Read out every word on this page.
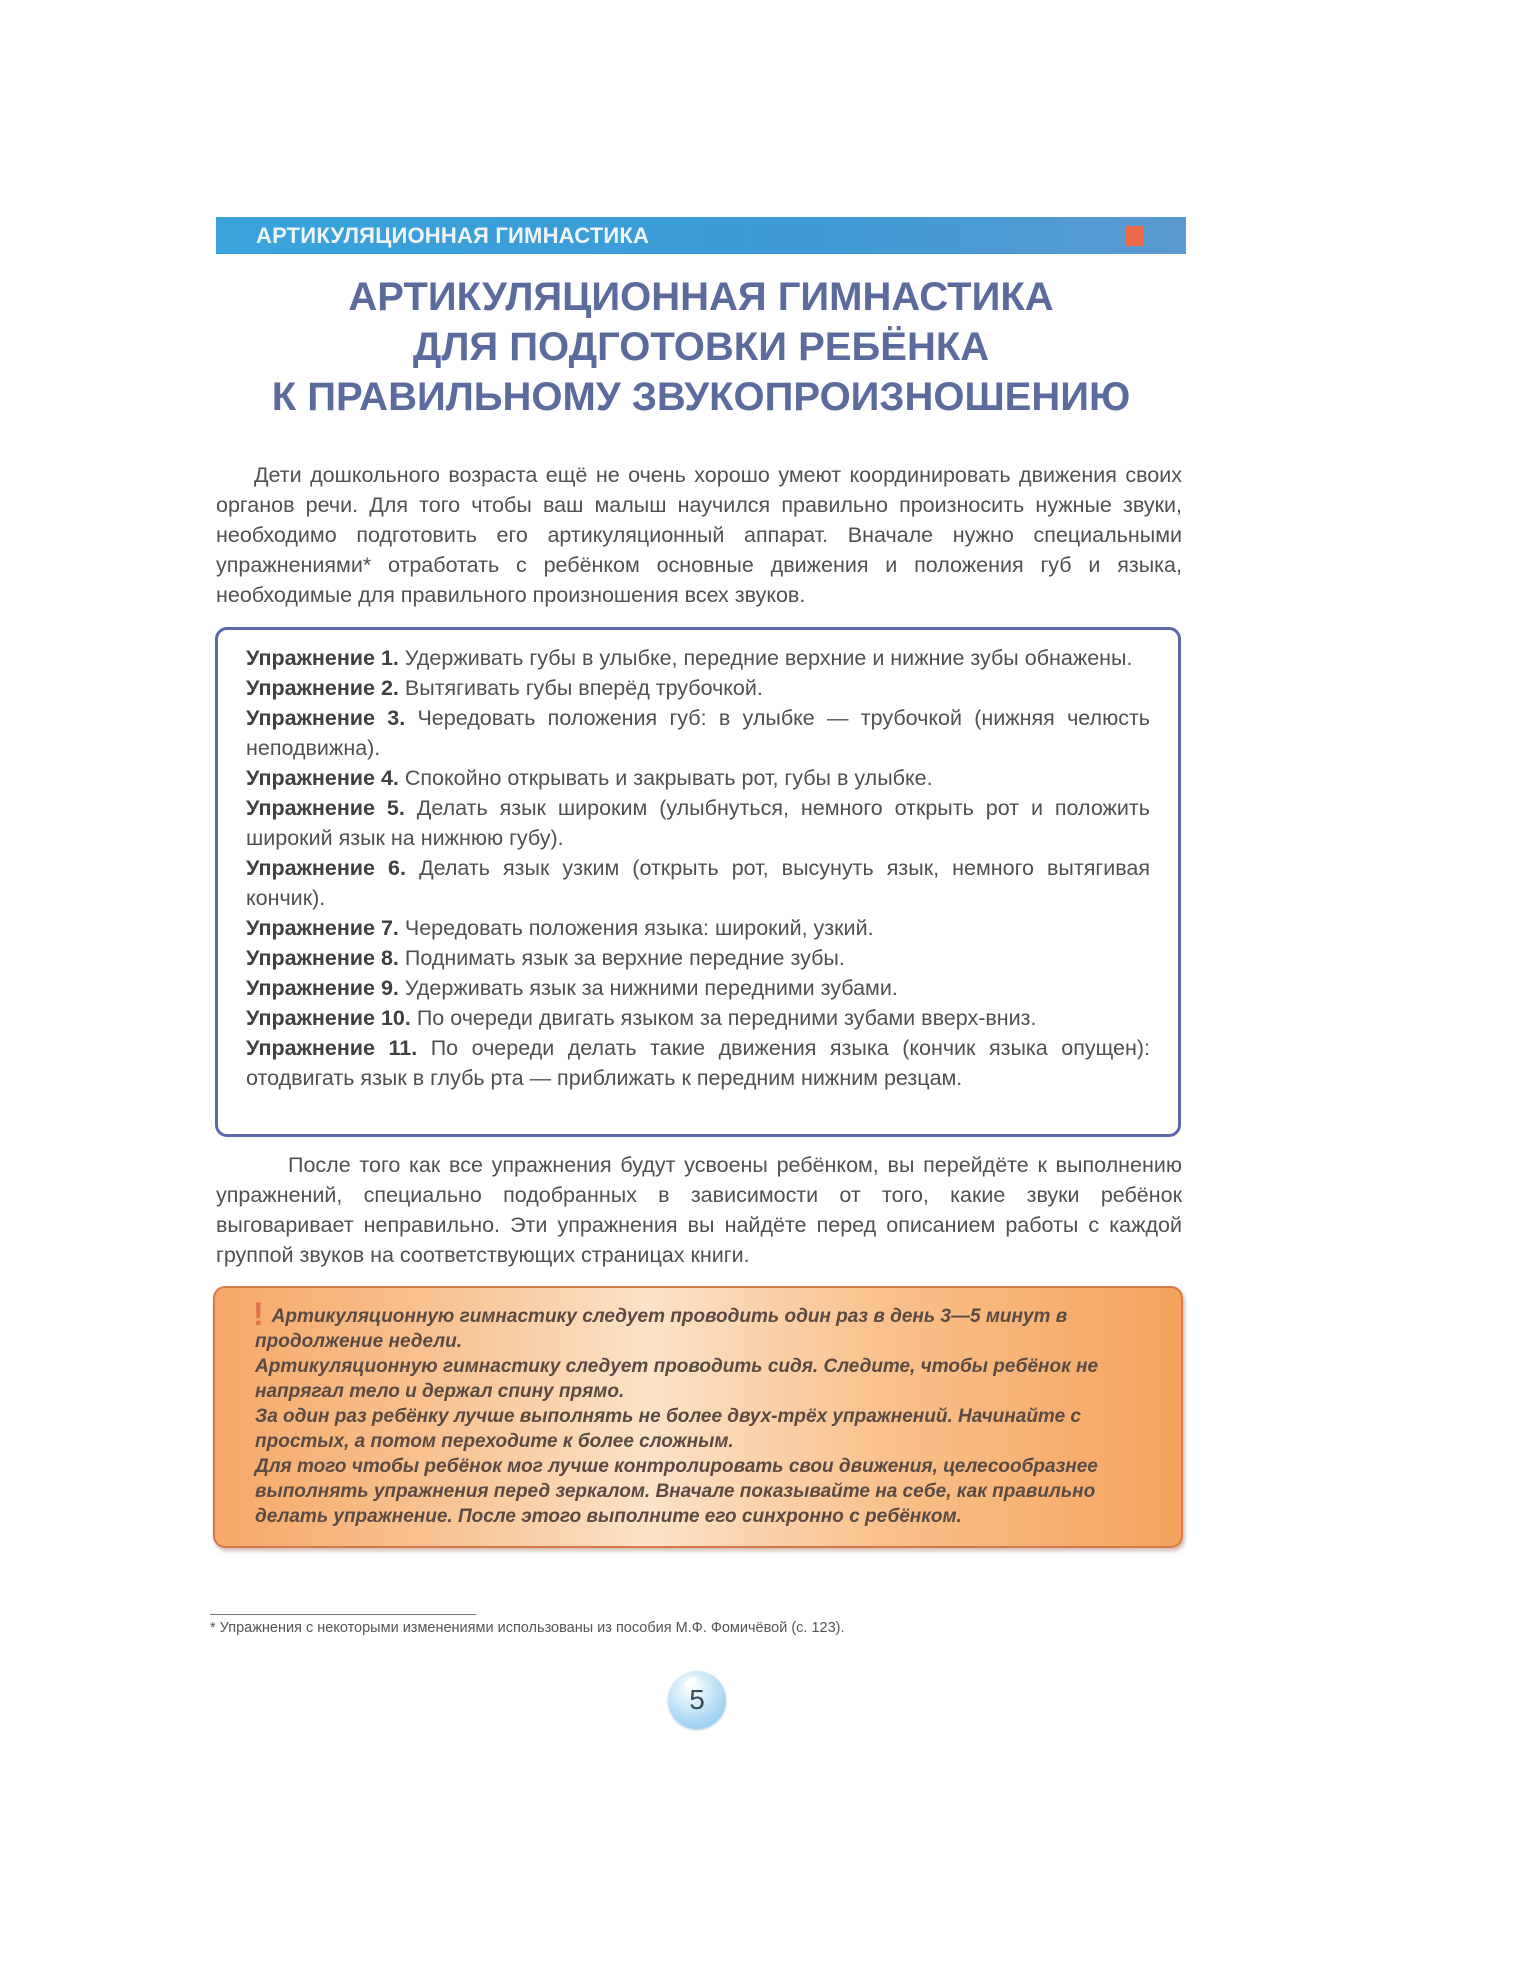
АРТИКУЛЯЦИОННАЯ ГИМНАСТИКА
АРТИКУЛЯЦИОННАЯ ГИМНАСТИКА
ДЛЯ ПОДГОТОВКИ РЕБЁНКА
К ПРАВИЛЬНОМУ ЗВУКОПРОИЗНОШЕНИЮ

Дети дошкольного возраста ещё не очень хорошо умеют координировать движения своих органов речи. Для того чтобы ваш малыш научился правильно произносить нужные звуки, необходимо подготовить его артикуляционный аппарат. Вначале нужно специальными упражнениями* отработать с ребёнком основные движения и положения губ и языка, необходимые для правильного произношения всех звуков.

Упражнение 1. Удерживать губы в улыбке, передние верхние и нижние зубы обнажены.
Упражнение 2. Вытягивать губы вперёд трубочкой.
Упражнение 3. Чередовать положения губ: в улыбке — трубочкой (нижняя челюсть неподвижна).
Упражнение 4. Спокойно открывать и закрывать рот, губы в улыбке.
Упражнение 5. Делать язык широким (улыбнуться, немного открыть рот и положить широкий язык на нижнюю губу).
Упражнение 6. Делать язык узким (открыть рот, высунуть язык, немного вытягивая кончик).
Упражнение 7. Чередовать положения языка: широкий, узкий.
Упражнение 8. Поднимать язык за верхние передние зубы.
Упражнение 9. Удерживать язык за нижними передними зубами.
Упражнение 10. По очереди двигать языком за передними зубами вверх-вниз.
Упражнение 11. По очереди делать такие движения языка (кончик языка опущен): отодвигать язык в глубь рта — приближать к передним нижним резцам.

После того как все упражнения будут усвоены ребёнком, вы перейдёте к выполнению упражнений, специально подобранных в зависимости от того, какие звуки ребёнок выговаривает неправильно. Эти упражнения вы найдёте перед описанием работы с каждой группой звуков на соответствующих страницах книги.

! Артикуляционную гимнастику следует проводить один раз в день 3—5 минут в продолжение недели.
Артикуляционную гимнастику следует проводить сидя. Следите, чтобы ребёнок не напрягал тело и держал спину прямо.
За один раз ребёнку лучше выполнять не более двух-трёх упражнений. Начинайте с простых, а потом переходите к более сложным.
Для того чтобы ребёнок мог лучше контролировать свои движения, целесообразнее выполнять упражнения перед зеркалом. Вначале показывайте на себе, как правильно делать упражнение. После этого выполните его синхронно с ребёнком.
* Упражнения с некоторыми изменениями использованы из пособия М.Ф. Фомичёвой (с. 123).
5
